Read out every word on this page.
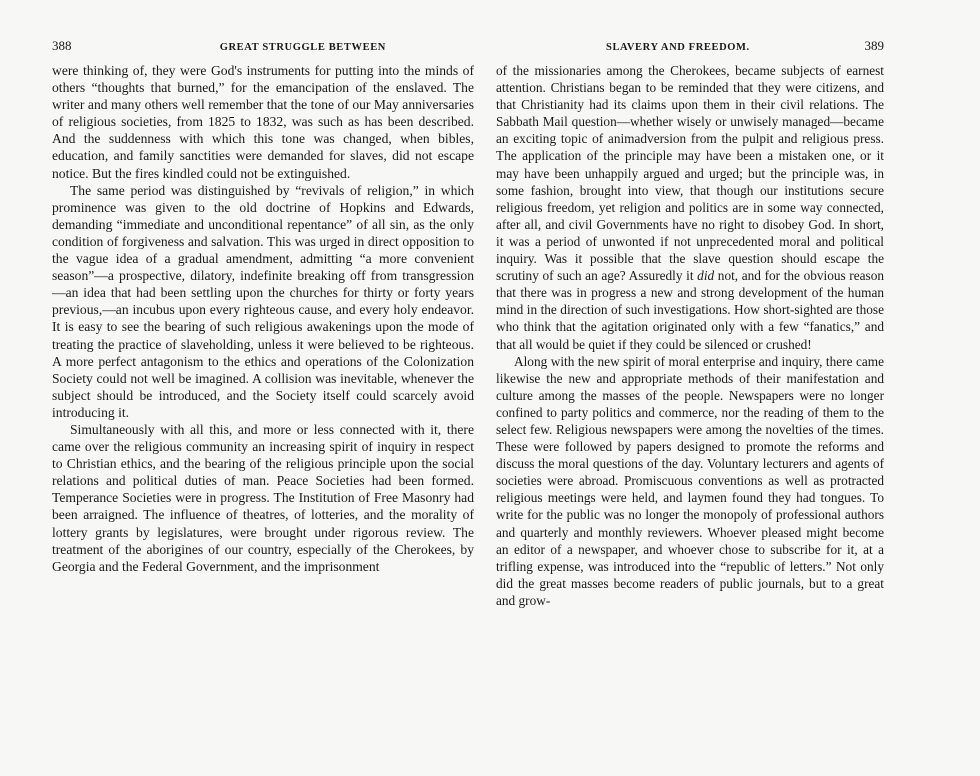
388	GREAT STRUGGLE BETWEEN

were thinking of, they were God's instruments for putting into the minds of others “thoughts that burned,” for the emancipation of the enslaved. The writer and many others well remember that the tone of our May anniversaries of religious societies, from 1825 to 1832, was such as has been described. And the suddenness with which this tone was changed, when bibles, education, and family sanctities were demanded for slaves, did not escape notice. But the fires kindled could not be extinguished.

The same period was distinguished by “revivals of religion,” in which prominence was given to the old doctrine of Hopkins and Edwards, demanding “immediate and unconditional repentance” of all sin, as the only condition of forgiveness and salvation. This was urged in direct opposition to the vague idea of a gradual amendment, admitting “a more convenient season”—a prospective, dilatory, indefinite breaking off from transgression—an idea that had been settling upon the churches for thirty or forty years previous,—an incubus upon every righteous cause, and every holy endeavor. It is easy to see the bearing of such religious awakenings upon the mode of treating the practice of slaveholding, unless it were believed to be righteous. A more perfect antagonism to the ethics and operations of the Colonization Society could not well be imagined. A collision was inevitable, whenever the subject should be introduced, and the Society itself could scarcely avoid introducing it.

Simultaneously with all this, and more or less connected with it, there came over the religious community an increasing spirit of inquiry in respect to Christian ethics, and the bearing of the religious principle upon the social relations and political duties of man. Peace Societies had been formed. Temperance Societies were in progress. The Institution of Free Masonry had been arraigned. The influence of theatres, of lotteries, and the morality of lottery grants by legislatures, were brought under rigorous review. The treatment of the aborigines of our country, especially of the Cherokees, by Georgia and the Federal Government, and the imprisonment

SLAVERY AND FREEDOM.	389

of the missionaries among the Cherokees, became subjects of earnest attention. Christians began to be reminded that they were citizens, and that Christianity had its claims upon them in their civil relations. The Sabbath Mail question—whether wisely or unwisely managed—became an exciting topic of animadversion from the pulpit and religious press. The application of the principle may have been a mistaken one, or it may have been unhappily argued and urged; but the principle was, in some fashion, brought into view, that though our institutions secure religious freedom, yet religion and politics are in some way connected, after all, and civil Governments have no right to disobey God. In short, it was a period of unwonted if not unprecedented moral and political inquiry. Was it possible that the slave question should escape the scrutiny of such an age? Assuredly it did not, and for the obvious reason that there was in progress a new and strong development of the human mind in the direction of such investigations. How short-sighted are those who think that the agitation originated only with a few “fanatics,” and that all would be quiet if they could be silenced or crushed!

Along with the new spirit of moral enterprise and inquiry, there came likewise the new and appropriate methods of their manifestation and culture among the masses of the people. Newspapers were no longer confined to party politics and commerce, nor the reading of them to the select few. Religious newspapers were among the novelties of the times. These were followed by papers designed to promote the reforms and discuss the moral questions of the day. Voluntary lecturers and agents of societies were abroad. Promiscuous conventions as well as protracted religious meetings were held, and laymen found they had tongues. To write for the public was no longer the monopoly of professional authors and quarterly and monthly reviewers. Whoever pleased might become an editor of a newspaper, and whoever chose to subscribe for it, at a trifling expense, was introduced into the “republic of letters.” Not only did the great masses become readers of public journals, but to a great and grow-
